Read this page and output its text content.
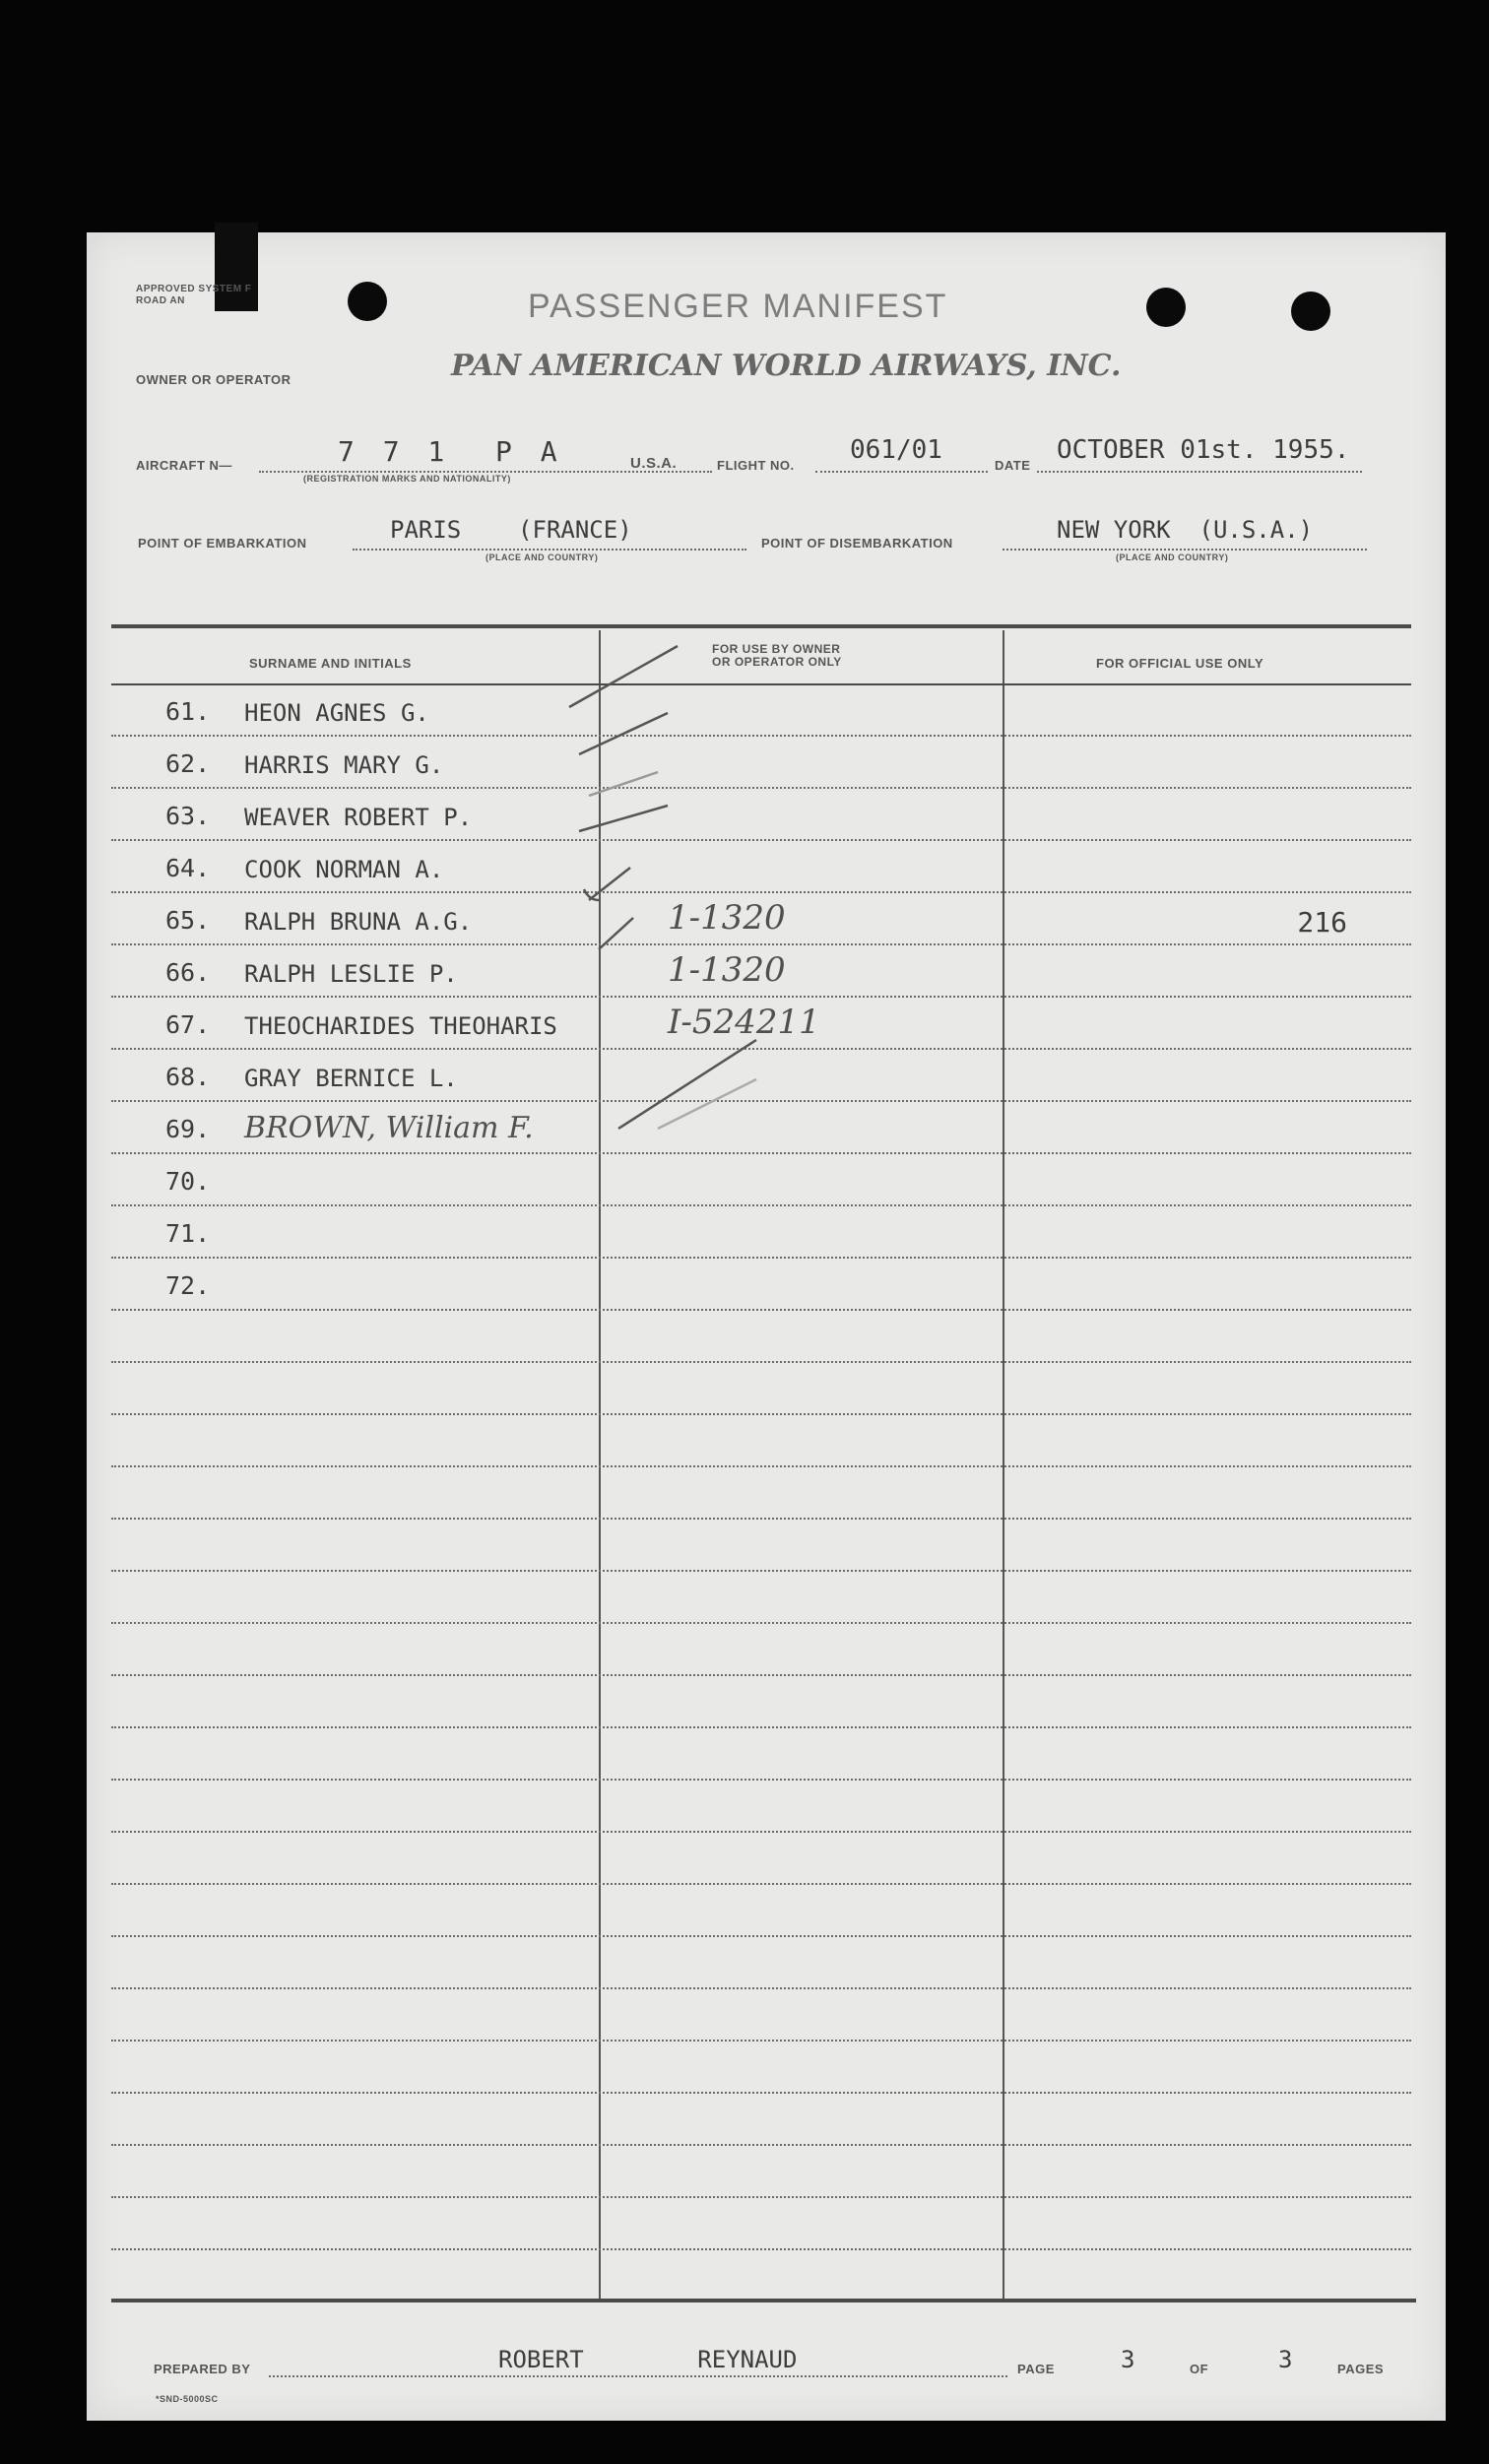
APPROVED SYSTEM F ROAD AN	PASSENGER MANIFEST
OWNER OR OPERATOR	PAN AMERICAN WORLD AIRWAYS, INC.
AIRCRAFT N—	7 7 1  P A
(REGISTRATION MARKS AND NATIONALITY)
U.S.A.	FLIGHT NO.
061/01
DATE
OCTOBER 01st. 1955.
POINT OF EMBARKATION	PARIS    (FRANCE)
(PLACE AND COUNTRY)
POINT OF DISEMBARKATION	NEW YORK  (U.S.A.)
(PLACE AND COUNTRY)
SURNAME AND INITIALS
FOR USE BY OWNER OR OPERATOR ONLY	FOR OFFICIAL USE ONLY
61.	HEON AGNES G.
62.	HARRIS MARY G.
63.	WEAVER ROBERT P.
64.	COOK NORMAN A.
65.	RALPH BRUNA A.G.	1-1320	216
66.	RALPH LESLIE P.	1-1320
67.	THEOCHARIDES THEOHARIS	I-524211
68.	GRAY BERNICE L.
69.	BROWN, William F.
70.
71.
72.
PREPARED BY	ROBERT        REYNAUD	PAGE	3	OF	3	PAGES
*SND-5000SC
